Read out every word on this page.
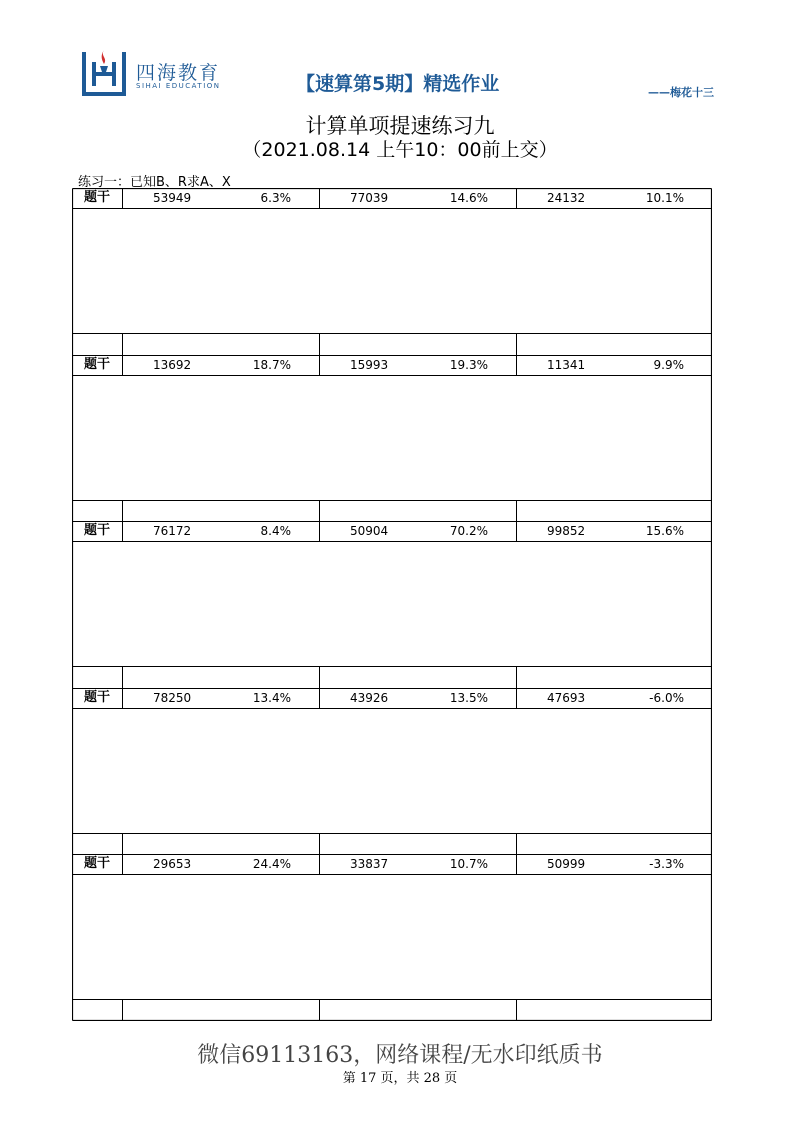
四海教育
SIHAI EDUCATION	【速算第5期】精选作业	——梅花十三
计算单项提速练习九
（2021.08.14 上午10：00前上交）
练习一：已知B、R求A、X
题干	53949	6.3%	77039	14.6%	24132	10.1%
题干	13692	18.7%	15993	19.3%	11341	9.9%
题干	76172	8.4%	50904	70.2%	99852	15.6%
题干	78250	13.4%	43926	13.5%	47693	-6.0%
题干	29653	24.4%	33837	10.7%	50999	-3.3%
微信69113163，网络课程/无水印纸质书
第 17 页，共 28 页
